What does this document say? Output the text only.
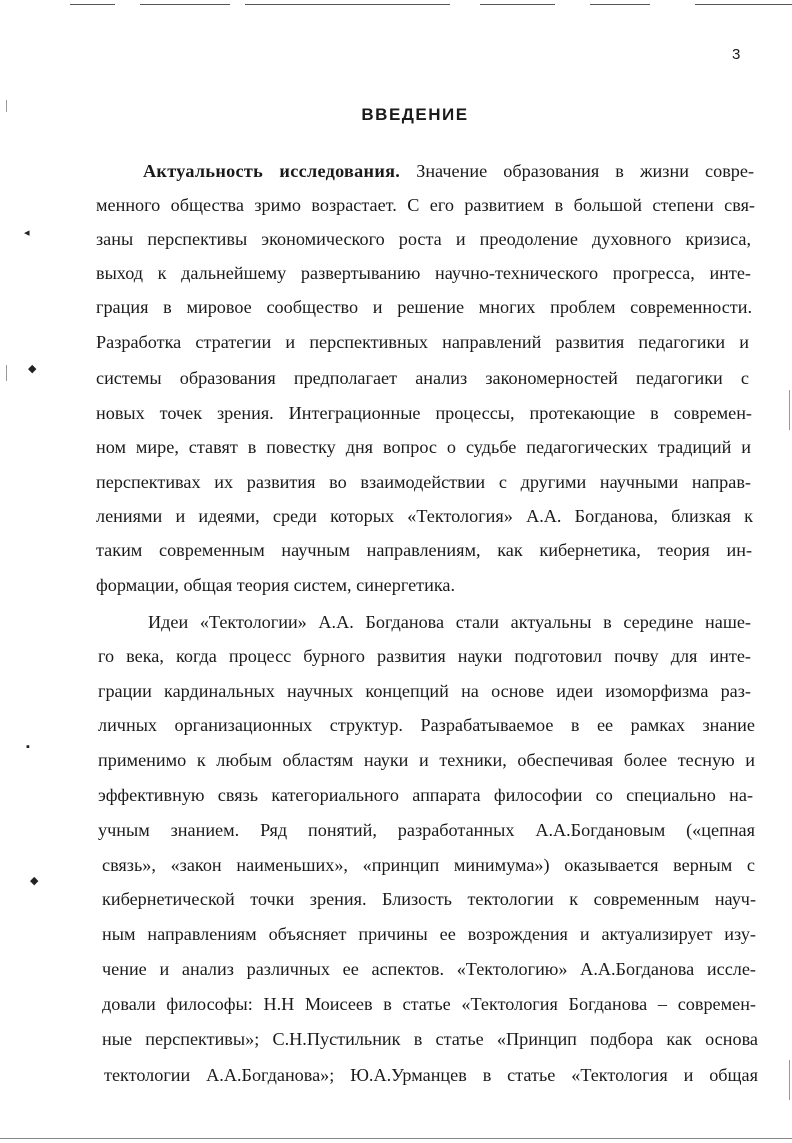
◂
◆
▪
◆
3
ВВЕДЕНИЕ
Актуальность исследования. Значение образования в жизни совре-
менного общества зримо возрастает. С его развитием в большой степени свя-
заны перспективы экономического роста и преодоление духовного кризиса,
выход к дальнейшему развертыванию научно-технического прогресса, инте-
грация в мировое сообщество и решение многих проблем современности.
Разработка стратегии и перспективных направлений развития педагогики и
системы образования предполагает анализ закономерностей педагогики с
новых точек зрения. Интеграционные процессы, протекающие в современ-
ном мире, ставят в повестку дня вопрос о судьбе педагогических традиций и
перспективах их развития во взаимодействии с другими научными направ-
лениями и идеями, среди которых «Тектология» А.А. Богданова, близкая к
таким современным научным направлениям, как кибернетика, теория ин-
формации, общая теория систем, синергетика.
Идеи «Тектологии» А.А. Богданова стали актуальны в середине наше-
го века, когда процесс бурного развития науки подготовил почву для инте-
грации кардинальных научных концепций на основе идеи изоморфизма раз-
личных организационных структур. Разрабатываемое в ее рамках знание
применимо к любым областям науки и техники, обеспечивая более тесную и
эффективную связь категориального аппарата философии со специально на-
учным знанием. Ряд понятий, разработанных А.А.Богдановым («цепная
связь», «закон наименьших», «принцип минимума») оказывается верным с
кибернетической точки зрения. Близость тектологии к современным науч-
ным направлениям объясняет причины ее возрождения и актуализирует изу-
чение и анализ различных ее аспектов. «Тектологию» А.А.Богданова иссле-
довали философы: Н.Н Моисеев в статье «Тектология Богданова – современ-
ные перспективы»; С.Н.Пустильник в статье «Принцип подбора как основа
тектологии А.А.Богданова»; Ю.А.Урманцев в статье «Тектология и общая
